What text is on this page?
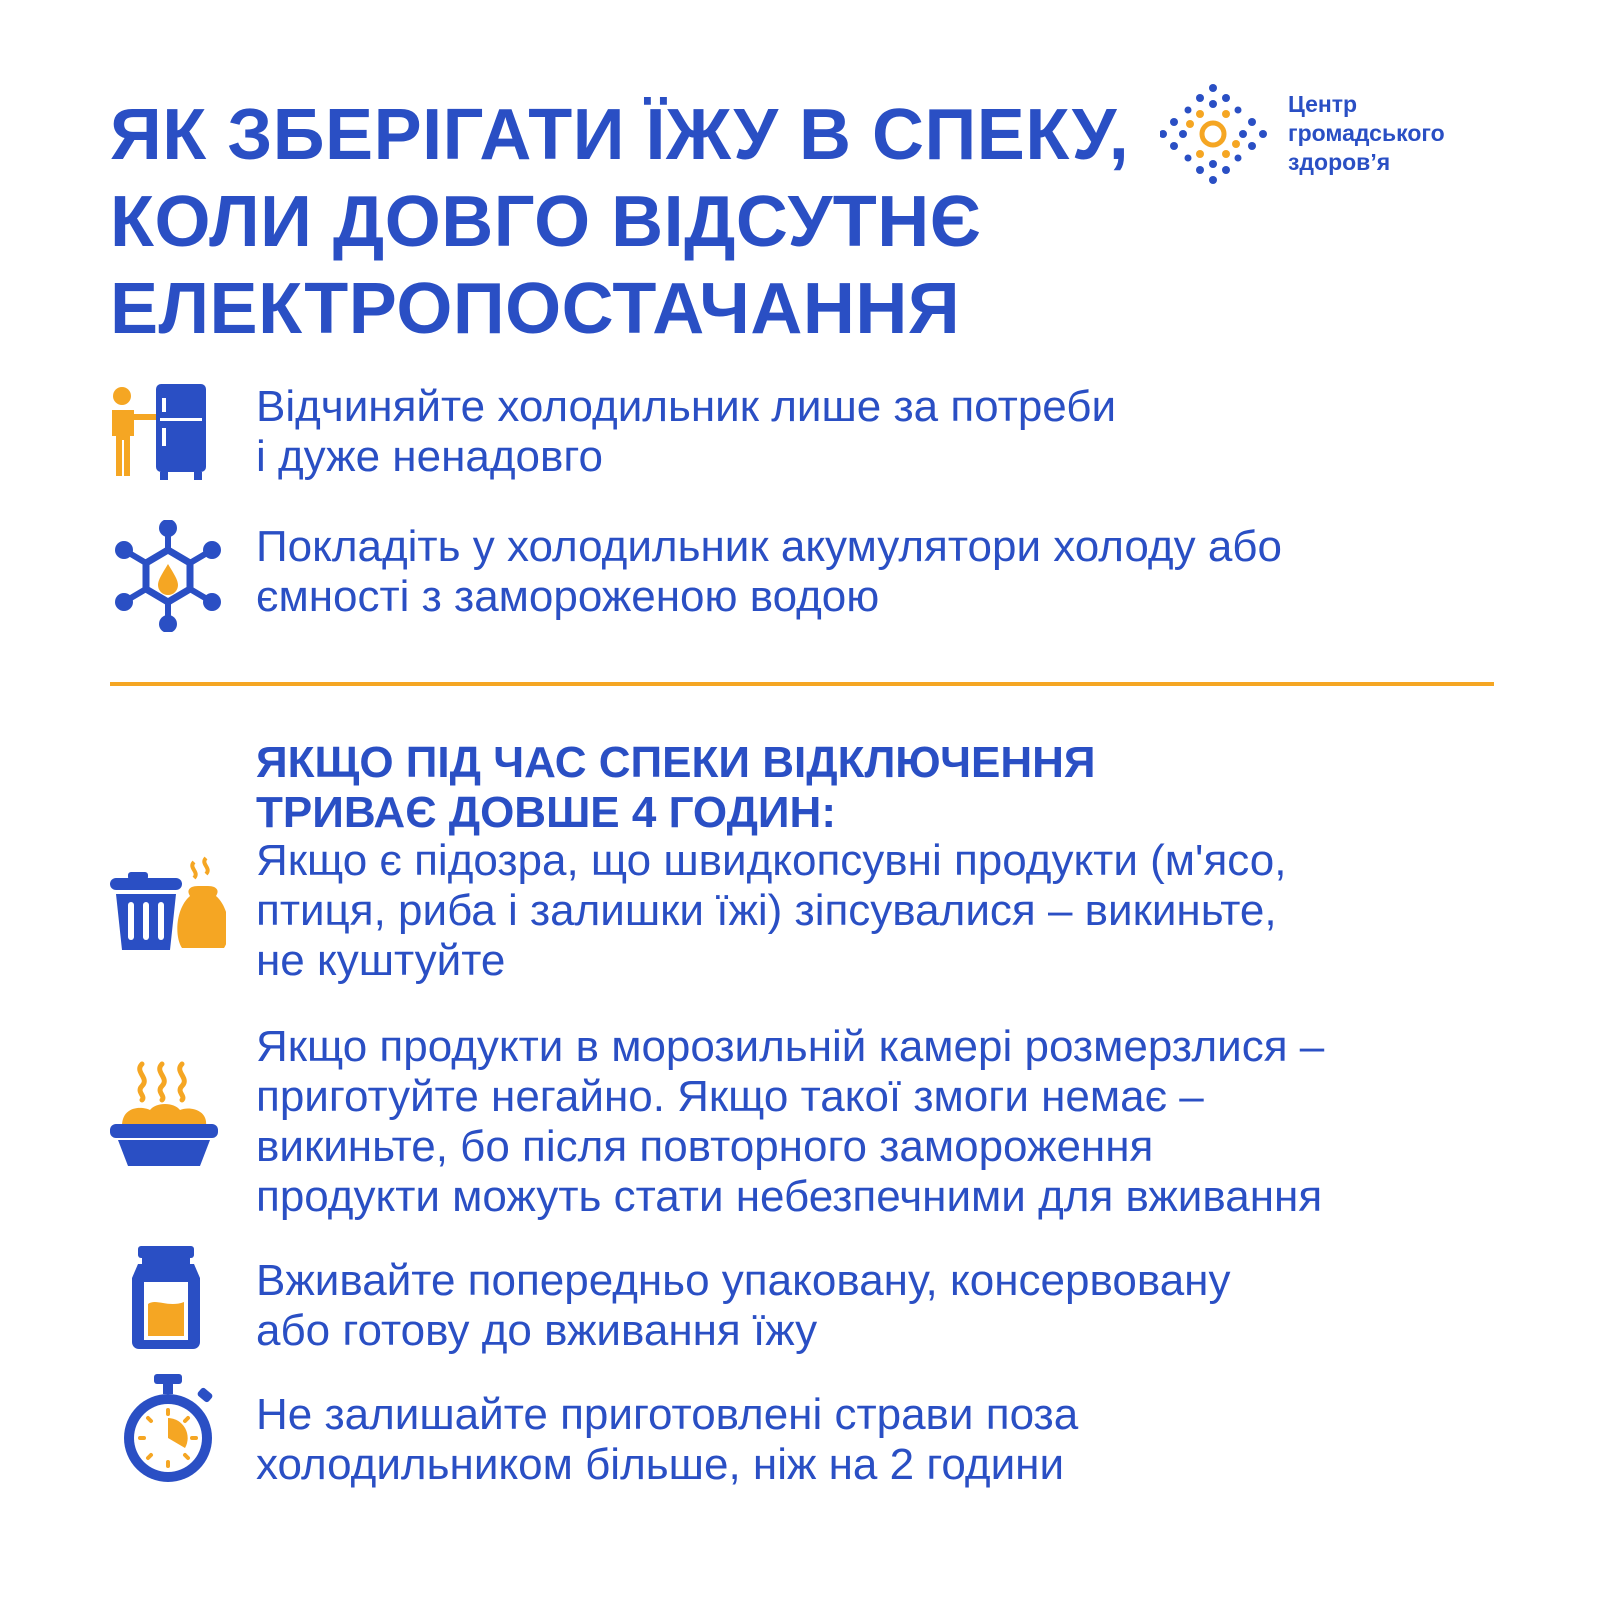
ЯК ЗБЕРІГАТИ ЇЖУ В СПЕКУ,
КОЛИ ДОВГО ВІДСУТНЄ
ЕЛЕКТРОПОСТАЧАННЯ
Центр
громадського
здоров’я
Відчиняйте холодильник лише за потреби
і дуже ненадовго
Покладіть у холодильник акумулятори холоду або
ємності з замороженою водою
ЯКЩО ПІД ЧАС СПЕКИ ВІДКЛЮЧЕННЯ
ТРИВАЄ ДОВШЕ 4 ГОДИН:
Якщо є підозра, що швидкопсувні продукти (м'ясо,
птиця, риба і залишки їжі) зіпсувалися – викиньте,
не куштуйте
Якщо продукти в морозильній камері розмерзлися –
приготуйте негайно. Якщо такої змоги немає –
викиньте, бо після повторного замороження
продукти можуть стати небезпечними для вживання
Вживайте попередньо упаковану, консервовану
або готову до вживання їжу
Не залишайте приготовлені страви поза
холодильником більше, ніж на 2 години
